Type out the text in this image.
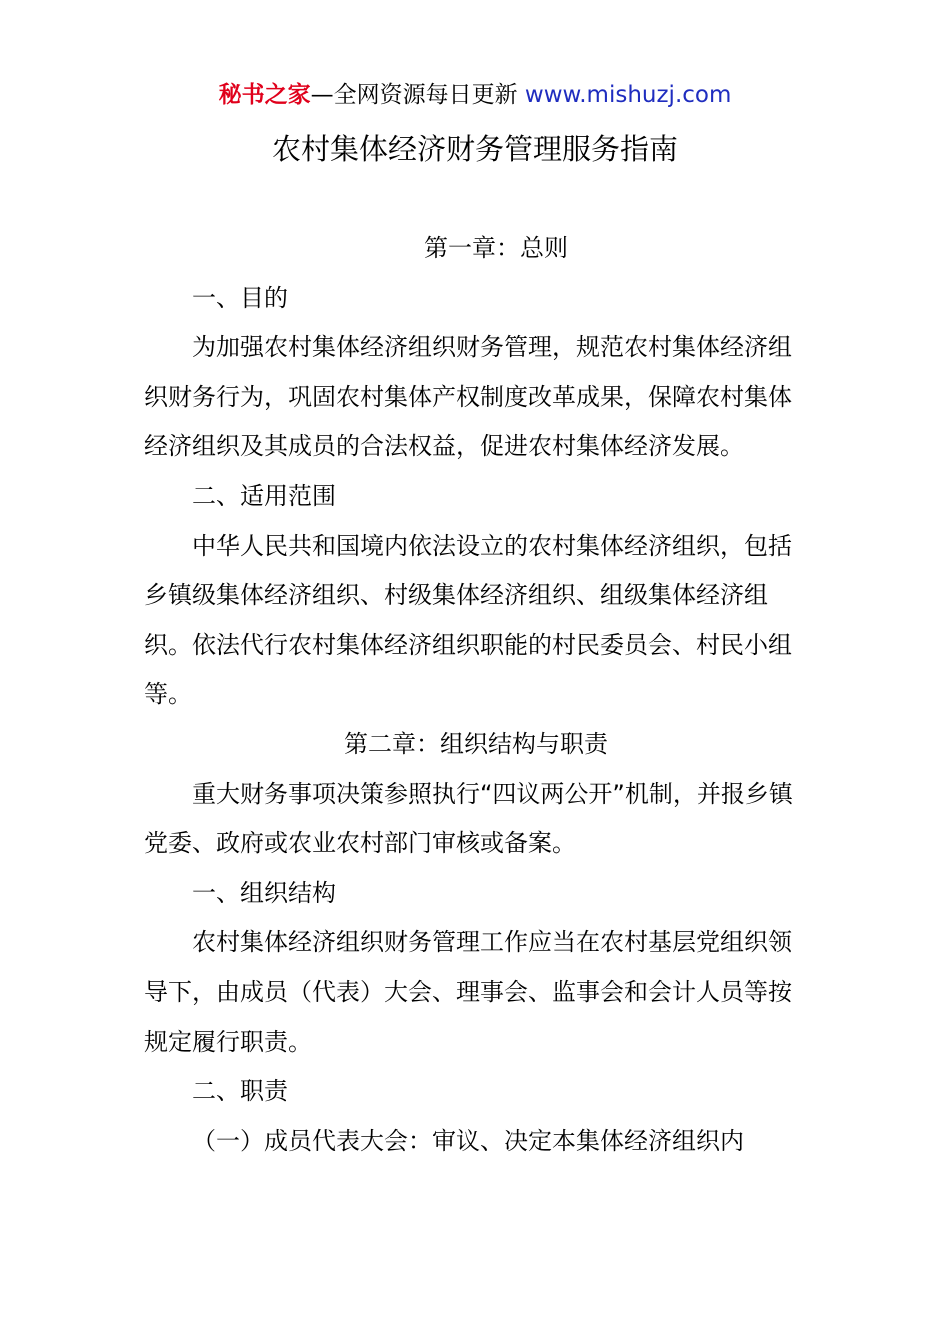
秘书之家—全网资源每日更新 www.mishuzj.com
农村集体经济财务管理服务指南

第一章：总则

一、目的

为加强农村集体经济组织财务管理，规范农村集体经济组织财务行为，巩固农村集体产权制度改革成果，保障农村集体经济组织及其成员的合法权益，促进农村集体经济发展。

二、适用范围

中华人民共和国境内依法设立的农村集体经济组织，包括乡镇级集体经济组织、村级集体经济组织、组级集体经济组织。依法代行农村集体经济组织职能的村民委员会、村民小组等。

第二章：组织结构与职责

重大财务事项决策参照执行“四议两公开”机制，并报乡镇党委、政府或农业农村部门审核或备案。

一、组织结构

农村集体经济组织财务管理工作应当在农村基层党组织领导下，由成员（代表）大会、理事会、监事会和会计人员等按规定履行职责。

二、职责

（一）成员代表大会：审议、决定本集体经济组织内
